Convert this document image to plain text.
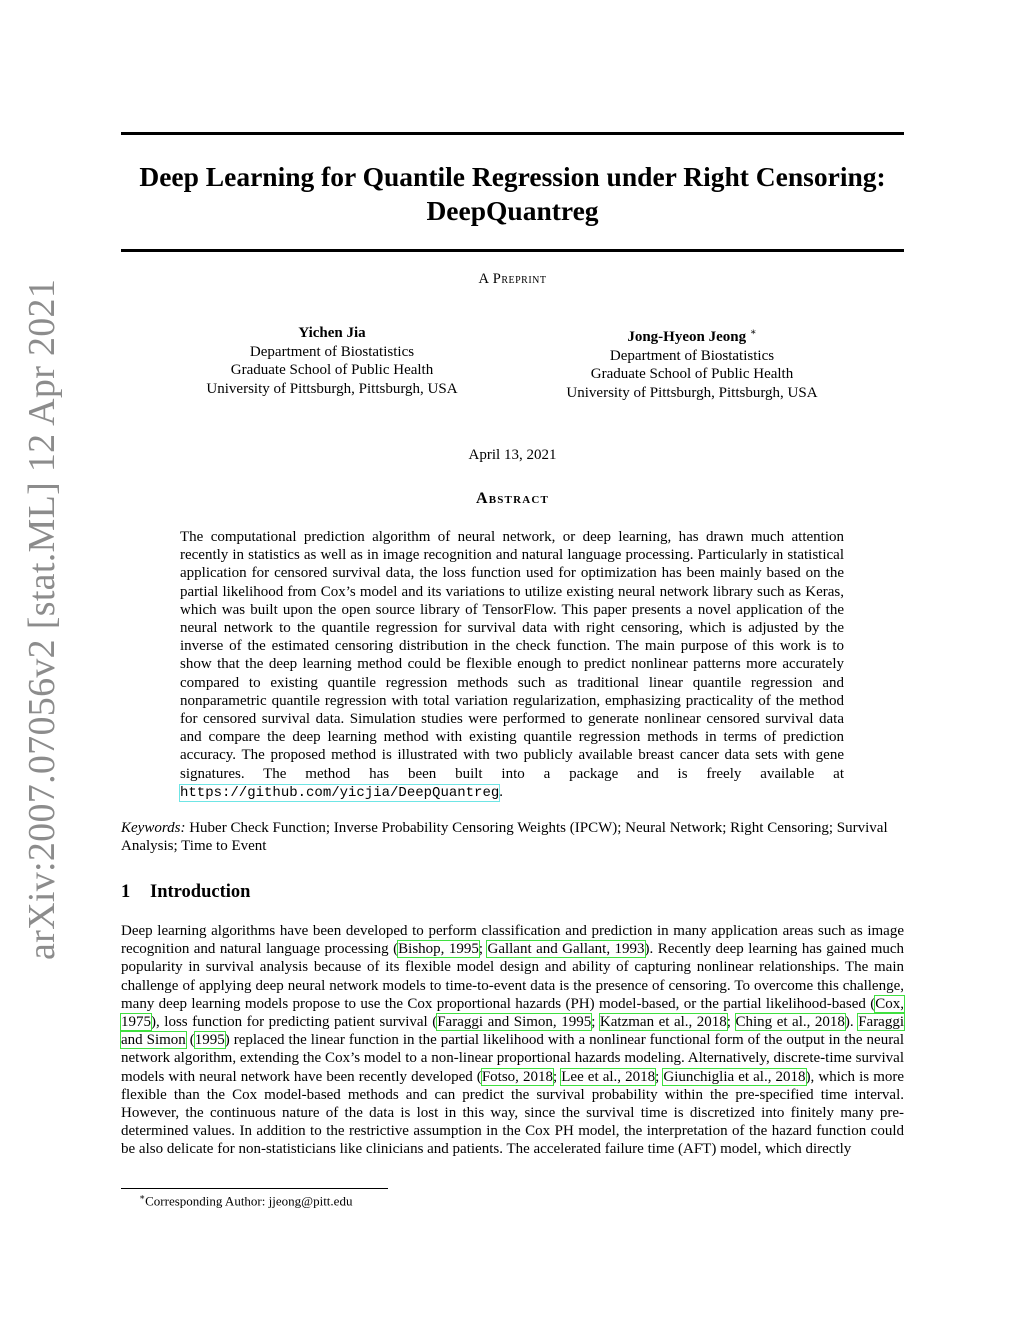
arXiv:2007.07056v2 [stat.ML] 12 Apr 2021
Deep Learning for Quantile Regression under Right Censoring:
DeepQuantreg
A Preprint
Yichen Jia
Department of Biostatistics
Graduate School of Public Health
University of Pittsburgh, Pittsburgh, USA
Jong-Hyeon Jeong ∗
Department of Biostatistics
Graduate School of Public Health
University of Pittsburgh, Pittsburgh, USA
April 13, 2021
Abstract
The computational prediction algorithm of neural network, or deep learning, has drawn much attention recently in statistics as well as in image recognition and natural language processing. Particularly in statistical application for censored survival data, the loss function used for optimization has been mainly based on the partial likelihood from Cox’s model and its variations to utilize existing neural network library such as Keras, which was built upon the open source library of TensorFlow. This paper presents a novel application of the neural network to the quantile regression for survival data with right censoring, which is adjusted by the inverse of the estimated censoring distribution in the check function. The main purpose of this work is to show that the deep learning method could be flexible enough to predict nonlinear patterns more accurately compared to existing quantile regression methods such as traditional linear quantile regression and nonparametric quantile regression with total variation regularization, emphasizing practicality of the method for censored survival data. Simulation studies were performed to generate nonlinear censored survival data and compare the deep learning method with existing quantile regression methods in terms of prediction accuracy. The proposed method is illustrated with two publicly available breast cancer data sets with gene signatures. The method has been built into a package and is freely available at https://github.com/yicjia/DeepQuantreg.
Keywords: Huber Check Function; Inverse Probability Censoring Weights (IPCW); Neural Network; Right Censoring; Survival Analysis; Time to Event
1 Introduction
Deep learning algorithms have been developed to perform classification and prediction in many application areas such as image recognition and natural language processing (Bishop, 1995; Gallant and Gallant, 1993). Recently deep learning has gained much popularity in survival analysis because of its flexible model design and ability of capturing nonlinear relationships. The main challenge of applying deep neural network models to time-to-event data is the presence of censoring. To overcome this challenge, many deep learning models propose to use the Cox proportional hazards (PH) model-based, or the partial likelihood-based (Cox, 1975), loss function for predicting patient survival (Faraggi and Simon, 1995; Katzman et al., 2018; Ching et al., 2018). Faraggi and Simon (1995) replaced the linear function in the partial likelihood with a nonlinear functional form of the output in the neural network algorithm, extending the Cox’s model to a non-linear proportional hazards modeling. Alternatively, discrete-time survival models with neural network have been recently developed (Fotso, 2018; Lee et al., 2018; Giunchiglia et al., 2018), which is more flexible than the Cox model-based methods and can predict the survival probability within the pre-specified time interval. However, the continuous nature of the data is lost in this way, since the survival time is discretized into finitely many pre-determined values. In addition to the restrictive assumption in the Cox PH model, the interpretation of the hazard function could be also delicate for non-statisticians like clinicians and patients. The accelerated failure time (AFT) model, which directly
∗Corresponding Author: jjeong@pitt.edu
